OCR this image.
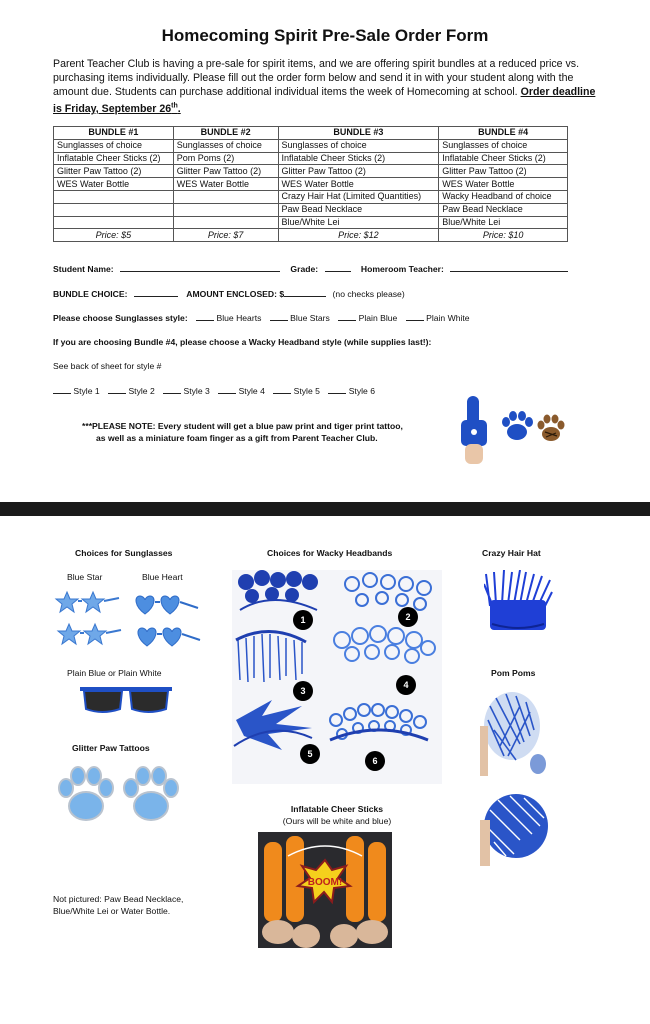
Homecoming Spirit Pre-Sale Order Form
Parent Teacher Club is having a pre-sale for spirit items, and we are offering spirit bundles at a reduced price vs. purchasing items individually. Please fill out the order form below and send it in with your student along with the amount due. Students can purchase additional individual items the week of Homecoming at school. Order deadline is Friday, September 26th.
BUNDLE #1	BUNDLE #2	BUNDLE #3	BUNDLE #4
Sunglasses of choice	Sunglasses of choice	Sunglasses of choice	Sunglasses of choice
Inflatable Cheer Sticks (2)	Pom Poms (2)	Inflatable Cheer Sticks (2)	Inflatable Cheer Sticks (2)
Glitter Paw Tattoo (2)	Glitter Paw Tattoo (2)	Glitter Paw Tattoo (2)	Glitter Paw Tattoo (2)
WES Water Bottle	WES Water Bottle	WES Water Bottle	WES Water Bottle
		Crazy Hair Hat (Limited Quantities)	Wacky Headband of choice
		Paw Bead Necklace	Paw Bead Necklace
		Blue/White Lei	Blue/White Lei
Price: $5	Price: $7	Price: $12	Price: $10
Student Name:	Grade:	Homeroom Teacher:
BUNDLE CHOICE:	AMOUNT ENCLOSED: $	(no checks please)
Please choose Sunglasses style:	Blue Hearts	Blue Stars	Plain Blue	Plain White
If you are choosing Bundle #4, please choose a Wacky Headband style (while supplies last!):
See back of sheet for style #
Style 1	Style 2	Style 3	Style 4	Style 5	Style 6
***PLEASE NOTE: Every student will get a blue paw print and tiger print tattoo,
as well as a miniature foam finger as a gift from Parent Teacher Club.
Choices for Sunglasses
Blue Star	Blue Heart
Plain Blue or Plain White
Glitter Paw Tattoos
Not pictured: Paw Bead Necklace, Blue/White Lei or Water Bottle.
Choices for Wacky Headbands
1	2
3
4
5
6
Inflatable Cheer Sticks
(Ours will be white and blue)
BOOM!
Crazy Hair Hat
Pom Poms
